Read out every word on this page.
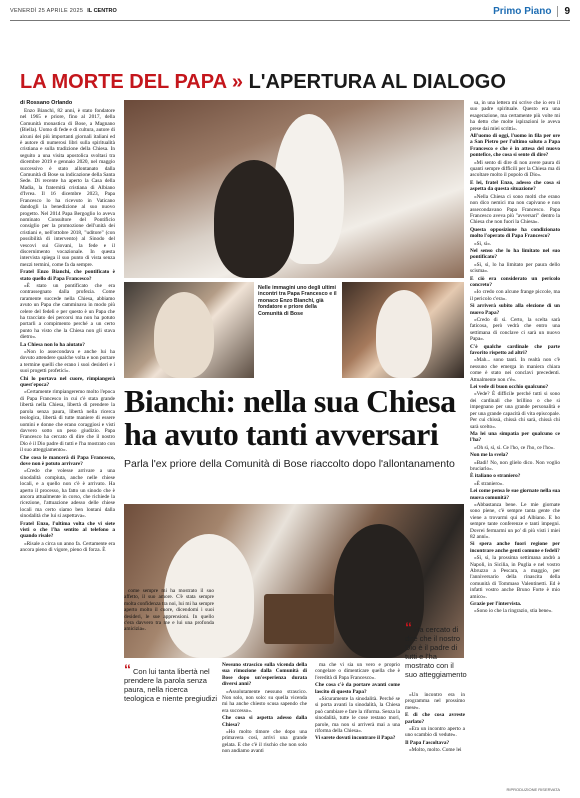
VENERDÌ 25 APRILE 2025 IL CENTRO	Primo Piano	9
LA MORTE DEL PAPA » L'APERTURA AL DIALOGO
di Rossano Orlando

Enzo Bianchi, 82 anni, è stato fondatore nel 1965 e priore, fino al 2017, della Comunità monastica di Bose, a Magnano (Biella). Uomo di fede e di cultura, autore di alcuni dei più importanti giornali italiani ed è autore di numerosi libri sulla spiritualità cristiana e sulla tradizione della Chiesa. In seguito a una visita apostolica svoltasi tra dicembre 2019 e gennaio 2020, nel maggio successivo è stato allontanato dalla Comunità di Bose su indicazione della Santa Sede. Di recente ha aperto la Casa della Madia, la fraternità cristiana di Albiano d'Ivrea. Il 16 dicembre 2023, Papa Francesco lo ha ricevuto in Vaticano dandogli la benedizione al suo nuovo progetto. Nel 2014 Papa Bergoglio lo aveva nominato Consultore del Pontificio consiglio per la promozione dell'unità dei cristiani e, nell'ottobre 2018, "uditore" (con possibilità di intervento) al Sinodo del vescovi sui Giovani, la fede e il discernimento vocazionale. In questa intervista spiega il suo punto di vista senza mezzi termini, come fa da sempre.

Fratel Enzo Bianchi, che pontificato è stato quello di Papa Francesco?

«È stato un pontificato che era contrassegnato dalla profezia. Come raramente succede nella Chiesa, abbiamo avuto un Papa che camminava in modo più celere del fedeli e per questo è un Papa che ha tracciato dei percorsi ma non ha potuto portarli a compimento perché a un certo punto ha visto che la Chiesa non gli stava dietro».

La Chiesa non lo ha aiutato?

«Non lo assecondava e anche lui ha dovuto attendere qualche volta e non portare a termine quelli che erano i suoi desideri e i suoi progetti profetici».

Chi lo portava nel cuore, rimpiangerà quest'epoca?

«Certamente rimpiangeremo molto l'epoca di Papa Francesco in cui c'è stata grande libertà nella Chiesa, libertà di prendere la parola senza paura, libertà nella ricerca teologica, libertà di tutte maniere di essere uomini e donne che erano coraggiosi e visti davvero sotto un peso giudizio. Papa Francesco ha cercato di dire che il nostro Dio è il Dio padre di tutti e l'ha mostrato con il suo atteggiamento».

Che cosa le mancerà di Papa Francesco, dove non è potuto arrivare?

«Credo che volesse arrivare a una sinodalità compiuta, anche nelle chiese locali, e a quello non c'è è arrivato. Ha aperto il processo, ha fatto un sinodo che è ancora attualmente in corso, che richiede la ricezione, l'attuazione adesso delle chiese locali ma certo siamo ben lontani dalla sinodalità che lui si aspettava».

Fratel Enzo, l'ultima volta che vi siete visti o che l'ha sentito al telefono a quando risale?

«Risale a circa un anno fa. Certamente era ancora pieno di vigore, pieno di forza. È

Nelle immagini uno degli ultimi incontri tra Papa Francesco e il monaco Enzo Bianchi, già fondatore e priore della Comunità di Bose
Bianchi: nella sua Chiesa ha avuto tanti avversari
Parla l'ex priore della Comunità di Bose riaccolto dopo l'allontanamento
“ Con lui tanta libertà nel prendere la parola senza paura, nella ricerca teologica e niente pregiudizi

come sempre mi ha mostrato il suo affetto, il suo amore. C'è stata sempre molta confidenza tra noi, lui mi ha sempre aperto molto il cuore, dicendomi i suoi desideri, le sue apprensioni. In quello c'era davvero tra me e lui una profonda amicizia».

Nessuno strascico sulla vicenda della sua rimozione dalla Comunità di Bose dopo un'esperienza durata diversi anni?

«Assolutamente nessuno strascico. Non solo, non solo: su quella vicenda mi ha anche chiesto scusa sapendo che era successo».

Che cosa si aspetta adesso dalla Chiesa?

«Ho molto timore che dopo una primavera così, arrivi una grande gelata. E che c'è il rischio che non solo non andiamo avanti

ma che vi sia un vero e proprio congelare o dimenticare quella che è l'eredità di Papa Francesco».

Che cosa c'è da portare avanti come lascito di questo Papa?

«Sicuramente la sinodalità. Perché se si porta avanti la sinodalità, la Chiesa può cambiare e fare la riforma. Senza la sinodalità, tutte le cose restano mori, parole, ma non si arriverà mai a una riforma della Chiesa».

Vi sarete dovuti incontrare il Papa?

“ Ha cercato di dire che il nostro Dio è il padre di tutti e l'ha mostrato con il suo atteggiamento

«Un incontro era in programma nel prossimo mese».

E di che cosa avreste parlato?

«Era un incontro aperto a uno scambio di vedute».

Il Papa l'ascoltava?

«Molto, molto. Come lei

sa, in una lettera mi scrive che io ero il suo padre spirituale. Questo era una esagerazione, ma certamente più volte mi ha detto che molte ispirazioni le aveva prese dai miei scritti».

All'uomo di oggi, l'uomo in fila per ore a San Pietro per l'ultimo saluto a Papa Francesco e che è in attesa del nuovo pontefice, che cosa si sente di dire?

«Mi sento di dire di non avere paura di quanti sempre difficili per la Chiesa ma di ascoltare molto il popolo di Dio».

E lei, fratel Enzo, adesso che cosa si aspetta da questa situazione?

«Nella Chiesa ci sono molti che erano non dico nemici ma non capivano e non assecondavano Papa Francesco. Papa Francesco aveva più "avversari" dentro la Chiesa che non fuori la Chiesa».

Questa opposizione ha condizionato molto l'operato di Papa Francesco?

«Sì, sì».

Nel senso che lo ha limitato nel suo pontificato?

«Sì, sì, lo ha limitato per paura dello scisma».

E ciò era considerato un pericolo concreto?

«Io credo con alcune frange piccole, ma il pericolo c'era».

Si arriverà subito alla elezione di un nuovo Papa?

«Credo di sì. Certo, la scelta sarà faticosa, però vedrà che entro una settimana di conclave ci sarà un nuovo Papa».

C'è qualche cardinale che parte favorito rispetto ad altri?

«Mah... sono tanti. In realtà non c'è nessuno che emerga in maniera chiara come è stato nei conclavi precedenti. Attualmente non c'è».

Lei vede di buon occhio qualcuno?

«Vede? È difficile perché tutti si sono dei cardinali che brillino o che si impegnano per una grande personalità e per una grande capacità di vita episcopale. Per cui chissà, chissà chi sarà, chissà chi sarà scelto».

Ma lei una simpatia per qualcuno ce l'ha?

«Oh sì, sì, sì. Ce l'ho, ce l'ho, ce l'ho».

Non me la svela?

«Badi! No, non glielo dico. Non voglio bruciarlo».

È italiano o straniero?

«È straniero».

Lei come pensa le sue giornate nella sua nuova comunità?

«Abbastanza bene. Le mie giornate sono piene, c'è sempre tanta gente che viene a trovarmi qui ad Albiano. E ho sempre tante conferenze e tanti impegni. Dovrei fermarmi un po' di più visti i miei 82 anni».

Si spera anche fuori regione per incontrare anche genti comune e fedeli?

«Sì, sì, la prossima settimana andrò a Napoli, in Sicilia, in Puglia e nel vostro Abruzzo a Pescara, a maggio, per l'anniversario della rinascita della comunità di Tommaso Valentinetti. Ed è infatti vostro anche Bruno Forte è mio amico».

Grazie per l'intervista.

«Sono io che la ringrazio, stia bene».

RIPRODUZIONE RISERVATA
